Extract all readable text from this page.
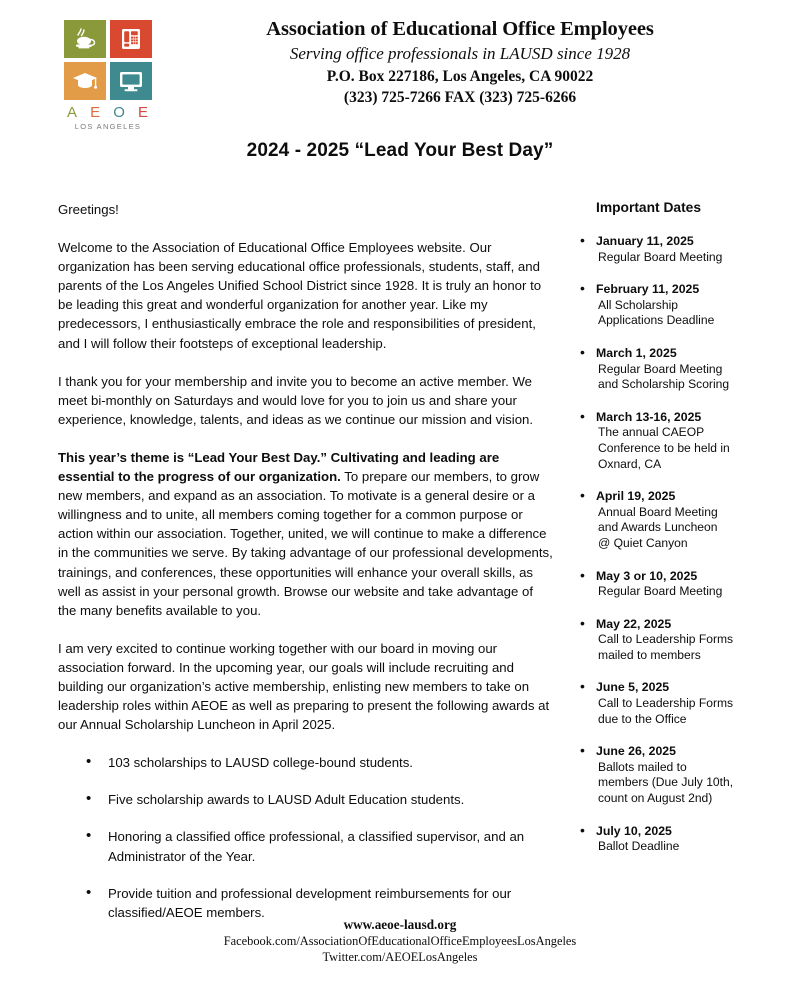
A E O E
LOS ANGELES
Association of Educational Office Employees
Serving office professionals in LAUSD since 1928
P.O. Box 227186, Los Angeles, CA 90022
(323) 725-7266 FAX (323) 725-6266
2024 - 2025 “Lead Your Best Day”

Greetings!

Welcome to the Association of Educational Office Employees website. Our organization has been serving educational office professionals, students, staff, and parents of the Los Angeles Unified School District since 1928. It is truly an honor to be leading this great and wonderful organization for another year. Like my predecessors, I enthusiastically embrace the role and responsibilities of president, and I will follow their footsteps of exceptional leadership.

I thank you for your membership and invite you to become an active member. We meet bi-monthly on Saturdays and would love for you to join us and share your experience, knowledge, talents, and ideas as we continue our mission and vision.

This year’s theme is “Lead Your Best Day.” Cultivating and leading are essential to the progress of our organization. To prepare our members, to grow new members, and expand as an association. To motivate is a general desire or a willingness and to unite, all members coming together for a common purpose or action within our association. Together, united, we will continue to make a difference in the communities we serve. By taking advantage of our professional developments, trainings, and conferences, these opportunities will enhance your overall skills, as well as assist in your personal growth. Browse our website and take advantage of the many benefits available to you.

I am very excited to continue working together with our board in moving our association forward. In the upcoming year, our goals will include recruiting and building our organization’s active membership, enlisting new members to take on leadership roles within AEOE as well as preparing to present the following awards at our Annual Scholarship Luncheon in April 2025.

• 103 scholarships to LAUSD college-bound students.
• Five scholarship awards to LAUSD Adult Education students.
• Honoring a classified office professional, a classified supervisor, and an Administrator of the Year.
• Provide tuition and professional development reimbursements for our classified/AEOE members.
Important Dates
• January 11, 2025
Regular Board Meeting
• February 11, 2025
All Scholarship
Applications Deadline
• March 1, 2025
Regular Board Meeting
and Scholarship Scoring
• March 13-16, 2025
The annual CAEOP
Conference to be held in
Oxnard, CA
• April 19, 2025
Annual Board Meeting
and Awards Luncheon
@ Quiet Canyon
• May 3 or 10, 2025
Regular Board Meeting
• May 22, 2025
Call to Leadership Forms
mailed to members
• June 5, 2025
Call to Leadership Forms
due to the Office
• June 26, 2025
Ballots mailed to
members (Due July 10th,
count on August 2nd)
• July 10, 2025
Ballot Deadline
www.aeoe-lausd.org
Facebook.com/AssociationOfEducationalOfficeEmployeesLosAngeles
Twitter.com/AEOELosAngeles
